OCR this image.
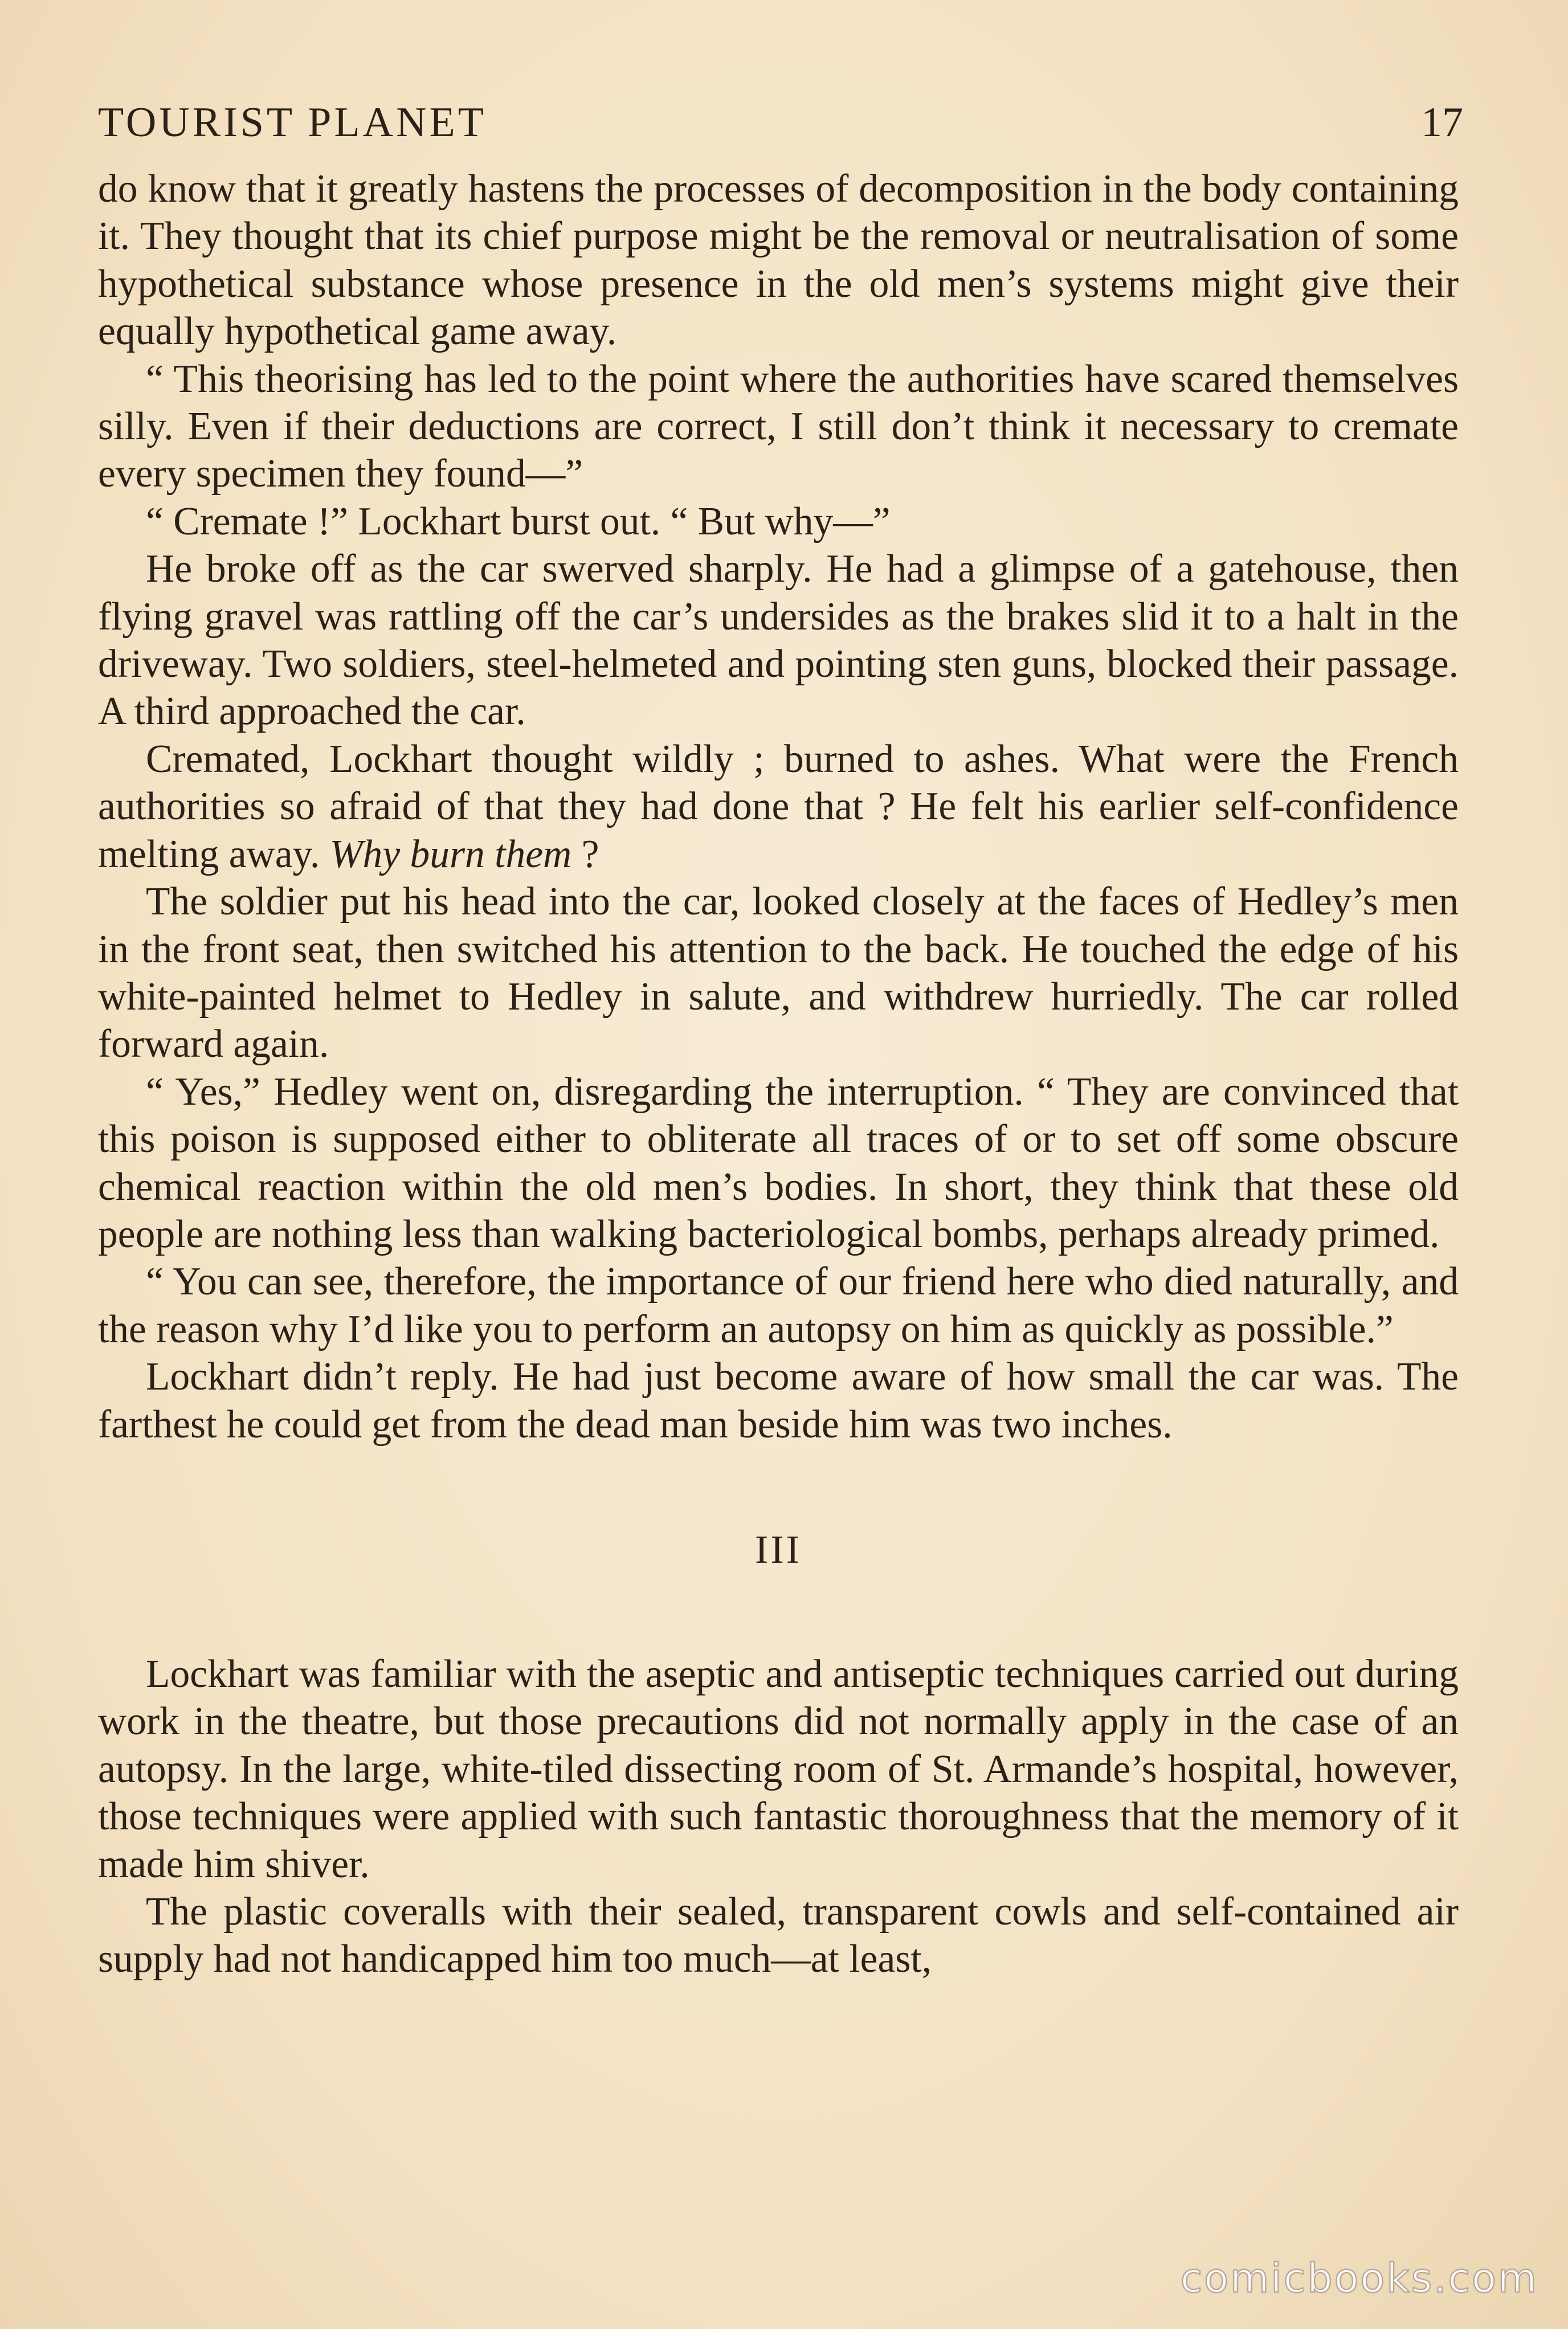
TOURIST PLANET	17

do know that it greatly hastens the processes of decomposition in the body containing it. They thought that its chief purpose might be the removal or neutralisation of some hypothetical substance whose presence in the old men’s systems might give their equally hypothetical game away.

“ This theorising has led to the point where the authorities have scared themselves silly. Even if their deductions are correct, I still don’t think it necessary to cremate every specimen they found—”

“ Cremate !” Lockhart burst out. “ But why—”

He broke off as the car swerved sharply. He had a glimpse of a gatehouse, then flying gravel was rattling off the car’s undersides as the brakes slid it to a halt in the driveway. Two soldiers, steel-helmeted and pointing sten guns, blocked their passage. A third approached the car.

Cremated, Lockhart thought wildly ; burned to ashes. What were the French authorities so afraid of that they had done that ? He felt his earlier self-confidence melting away. Why burn them ?

The soldier put his head into the car, looked closely at the faces of Hedley’s men in the front seat, then switched his attention to the back. He touched the edge of his white-painted helmet to Hedley in salute, and withdrew hurriedly. The car rolled forward again.

“ Yes,” Hedley went on, disregarding the interruption. “ They are convinced that this poison is supposed either to obliterate all traces of or to set off some obscure chemical reaction within the old men’s bodies. In short, they think that these old people are nothing less than walking bacteriological bombs, perhaps already primed.

“ You can see, therefore, the importance of our friend here who died naturally, and the reason why I’d like you to perform an autopsy on him as quickly as possible.”

Lockhart didn’t reply. He had just become aware of how small the car was. The farthest he could get from the dead man beside him was two inches.

III

Lockhart was familiar with the aseptic and antiseptic techniques carried out during work in the theatre, but those precautions did not normally apply in the case of an autopsy. In the large, white-tiled dissecting room of St. Armande’s hospital, however, those techniques were applied with such fantastic thoroughness that the memory of it made him shiver.

The plastic coveralls with their sealed, transparent cowls and self-contained air supply had not handicapped him too much—at least,

comicbooks.com
